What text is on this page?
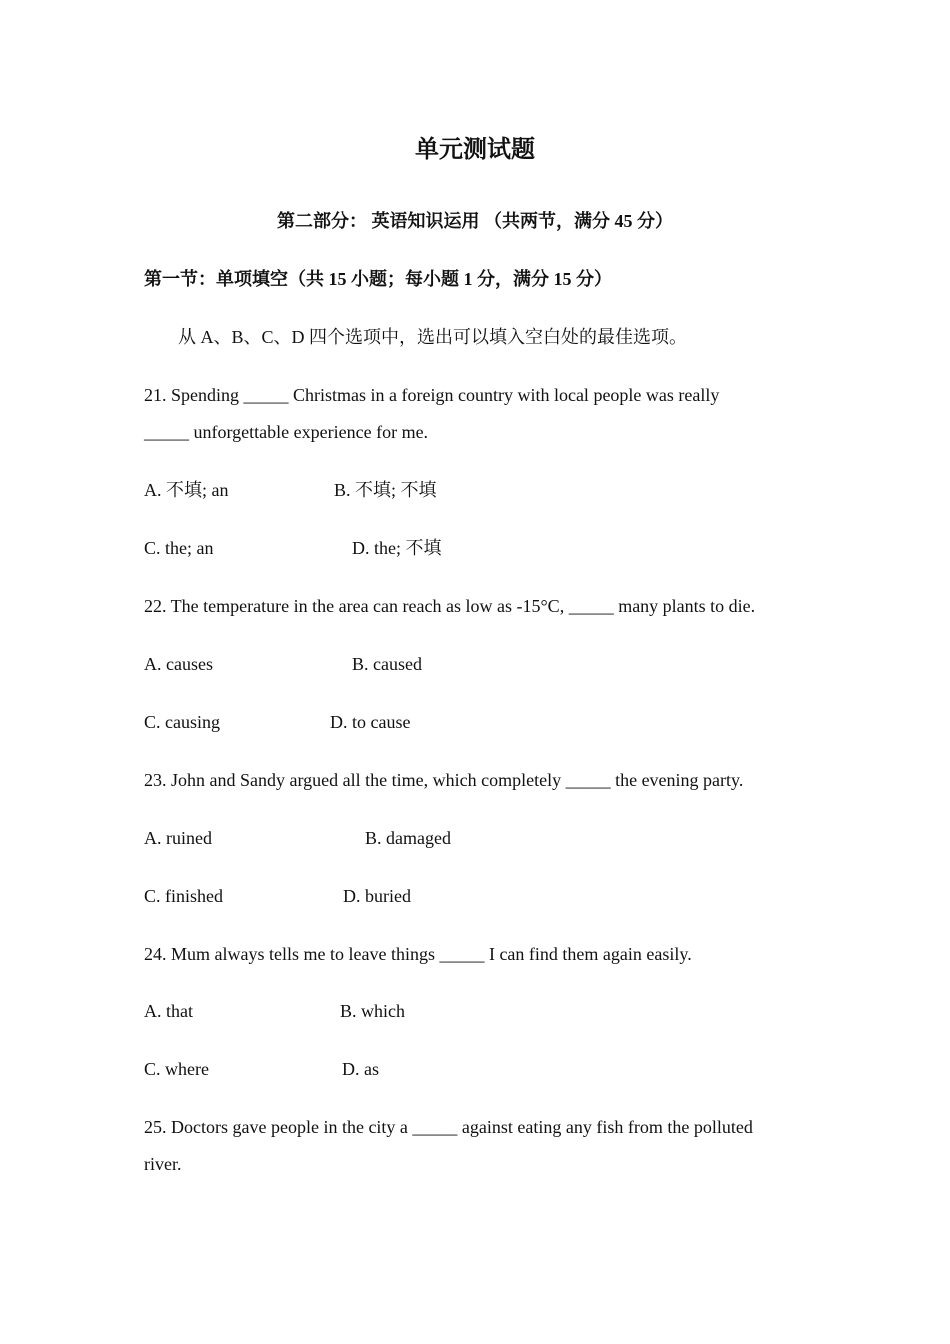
单元测试题
第二部分： 英语知识运用 （共两节，满分 45 分）
第一节：单项填空（共 15 小题；每小题 1 分，满分 15 分）
从 A、B、C、D 四个选项中，选出可以填入空白处的最佳选项。
21. Spending _____ Christmas in a foreign country with local people was really
_____ unforgettable experience for me.
A. 不填; an	B. 不填; 不填
C. the; an	D. the; 不填
22. The temperature in the area can reach as low as -15°C, _____ many plants to die.
A. causes	B. caused
C. causing	D. to cause
23. John and Sandy argued all the time, which completely _____ the evening party.
A. ruined	B. damaged
C. finished	D. buried
24. Mum always tells me to leave things _____ I can find them again easily.
A. that	B. which
C. where	D. as
25. Doctors gave people in the city a _____ against eating any fish from the polluted
river.
